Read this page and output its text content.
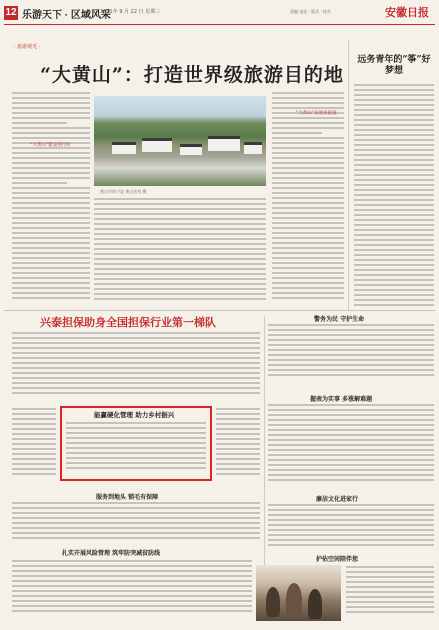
12 乐游天下 · 区域风采
2021年 9 月 22 日 星期三	责编 电话 · 版式 · 校对	安徽日报
· 旅游观光 ·
“大黄山”：打造世界级旅游目的地
远务青年的“筝”好梦想
“大黄山”建设进行时
黄山市休宁县 黄山宏村 摄
“大黄山”发展再提速
兴泰担保助身全国担保行业第一梯队
能赢硬化管理 助力乡村振兴
服务到地头 锁毛有保障
扎实开展风险管理 筑牢防突减贫防线
警务为民 守护生命
握表为实事 多涨解难题
廉洁文化进家行
护佑空间陪伴您
